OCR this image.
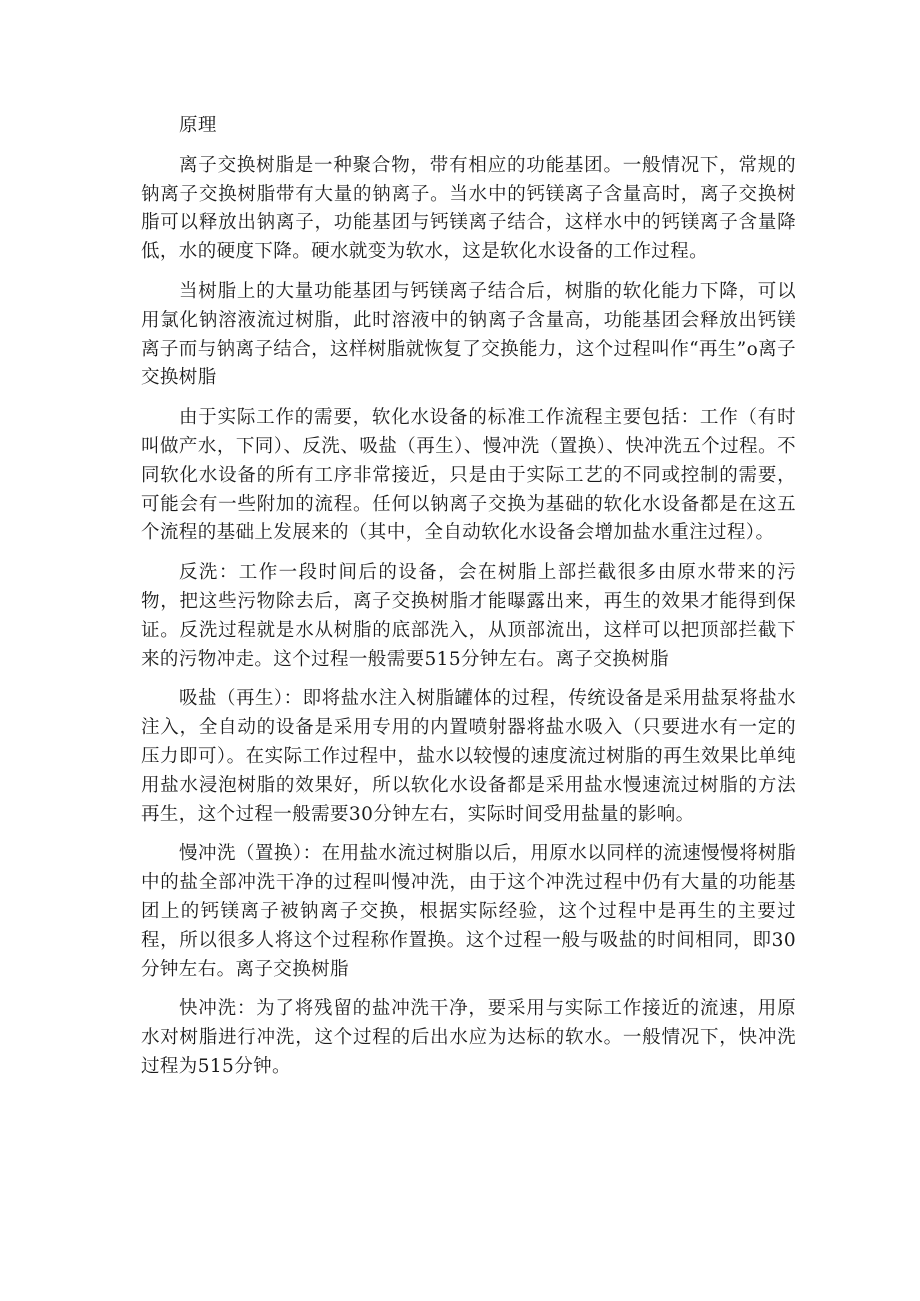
原理

离子交换树脂是一种聚合物，带有相应的功能基团。一般情况下，常规的钠离子交换树脂带有大量的钠离子。当水中的钙镁离子含量高时，离子交换树脂可以释放出钠离子，功能基团与钙镁离子结合，这样水中的钙镁离子含量降低，水的硬度下降。硬水就变为软水，这是软化水设备的工作过程。

当树脂上的大量功能基团与钙镁离子结合后，树脂的软化能力下降，可以用氯化钠溶液流过树脂，此时溶液中的钠离子含量高，功能基团会释放出钙镁离子而与钠离子结合，这样树脂就恢复了交换能力，这个过程叫作“再生”o离子交换树脂

由于实际工作的需要，软化水设备的标准工作流程主要包括：工作（有时叫做产水，下同）、反洗、吸盐（再生）、慢冲洗（置换）、快冲洗五个过程。不同软化水设备的所有工序非常接近，只是由于实际工艺的不同或控制的需要，可能会有一些附加的流程。任何以钠离子交换为基础的软化水设备都是在这五个流程的基础上发展来的（其中，全自动软化水设备会增加盐水重注过程）。

反洗：工作一段时间后的设备，会在树脂上部拦截很多由原水带来的污物，把这些污物除去后，离子交换树脂才能曝露出来，再生的效果才能得到保证。反洗过程就是水从树脂的底部洗入，从顶部流出，这样可以把顶部拦截下来的污物冲走。这个过程一般需要515分钟左右。离子交换树脂

吸盐（再生）：即将盐水注入树脂罐体的过程，传统设备是采用盐泵将盐水注入，全自动的设备是采用专用的内置喷射器将盐水吸入（只要进水有一定的压力即可）。在实际工作过程中，盐水以较慢的速度流过树脂的再生效果比单纯用盐水浸泡树脂的效果好，所以软化水设备都是采用盐水慢速流过树脂的方法再生，这个过程一般需要30分钟左右，实际时间受用盐量的影响。

慢冲洗（置换）：在用盐水流过树脂以后，用原水以同样的流速慢慢将树脂中的盐全部冲洗干净的过程叫慢冲洗，由于这个冲洗过程中仍有大量的功能基团上的钙镁离子被钠离子交换，根据实际经验，这个过程中是再生的主要过程，所以很多人将这个过程称作置换。这个过程一般与吸盐的时间相同，即30分钟左右。离子交换树脂

快冲洗：为了将残留的盐冲洗干净，要采用与实际工作接近的流速，用原水对树脂进行冲洗，这个过程的后出水应为达标的软水。一般情况下，快冲洗过程为515分钟。
